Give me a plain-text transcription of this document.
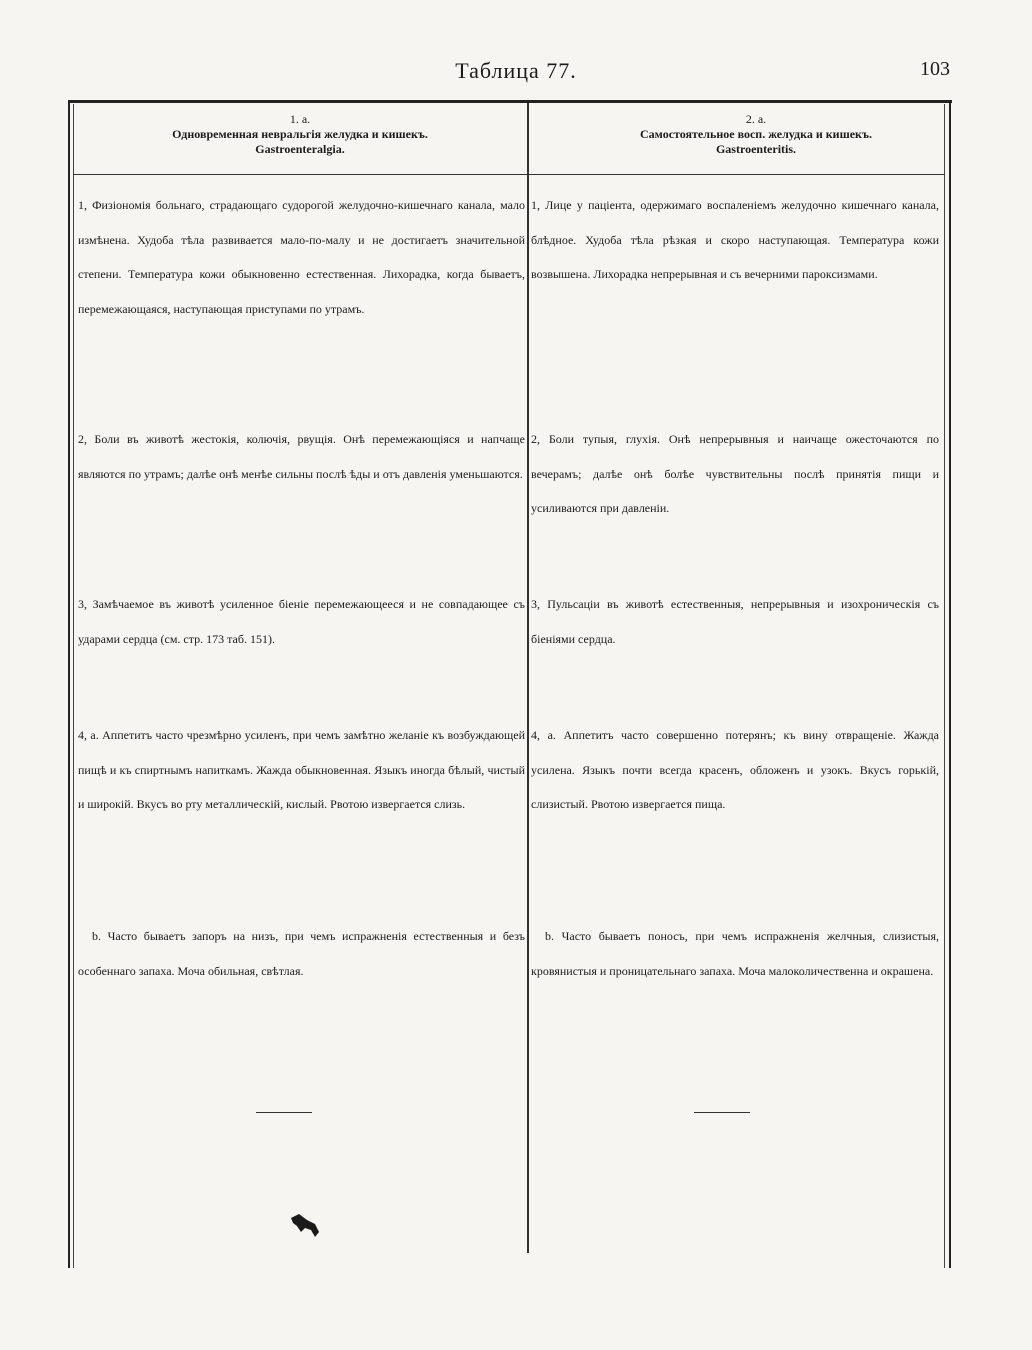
Таблица 77.	103
1. а.
Одновременная невральгія желудка и кишекъ.
Gastroenteralgia.
2. а.
Самостоятельное восп. желудка и кишекъ.
Gastroenteritis.
1, Физіономія больнаго, страдающаго судорогой желудочно-кишечнаго канала, мало измѣнена. Худоба тѣла развивается мало-по-малу и не достигаетъ значительной степени. Температура кожи обыкновенно естественная. Лихорадка, когда бываетъ, перемежающаяся, наступающая приступами по утрамъ.
2, Боли въ животѣ жестокія, колючія, рвущія. Онѣ перемежающіяся и напчаще являются по утрамъ; далѣе онѣ менѣе сильны послѣ ѣды и отъ давленія уменьшаются.
3, Замѣчаемое въ животѣ усиленное біеніе перемежающееся и не совпадающее съ ударами сердца (см. стр. 173 таб. 151).
4, а. Аппетитъ часто чрезмѣрно усиленъ, при чемъ замѣтно желаніе къ возбуждающей пищѣ и къ спиртнымъ напиткамъ. Жажда обыкновенная. Языкъ иногда бѣлый, чистый и широкій. Вкусъ во рту металлическій, кислый. Рвотою извергается слизь.
b. Часто бываетъ запоръ на низъ, при чемъ испражненія естественныя и безъ особеннаго запаха. Моча обильная, свѣтлая.
1, Лице у паціента, одержимаго воспаленіемъ желудочно кишечнаго канала, блѣдное. Худоба тѣла рѣзкая и скоро наступающая. Температура кожи возвышена. Лихорадка непрерывная и съ вечерними пароксизмами.
2, Боли тупыя, глухія. Онѣ непрерывныя и наичаще ожесточаются по вечерамъ; далѣе онѣ болѣе чувствительны послѣ принятія пищи и усиливаются при давленіи.
3, Пульсаціи въ животѣ естественныя, непрерывныя и изохроническія съ біеніями сердца.
4, а. Аппетитъ часто совершенно потерянъ; къ вину отвращеніе. Жажда усилена. Языкъ почти всегда красенъ, обложенъ и узокъ. Вкусъ горькій, слизистый. Рвотою извергается пища.
b. Часто бываетъ поносъ, при чемъ испражненія желчныя, слизистыя, кровянистыя и проницательнаго запаха. Моча малоколичественна и окрашена.
